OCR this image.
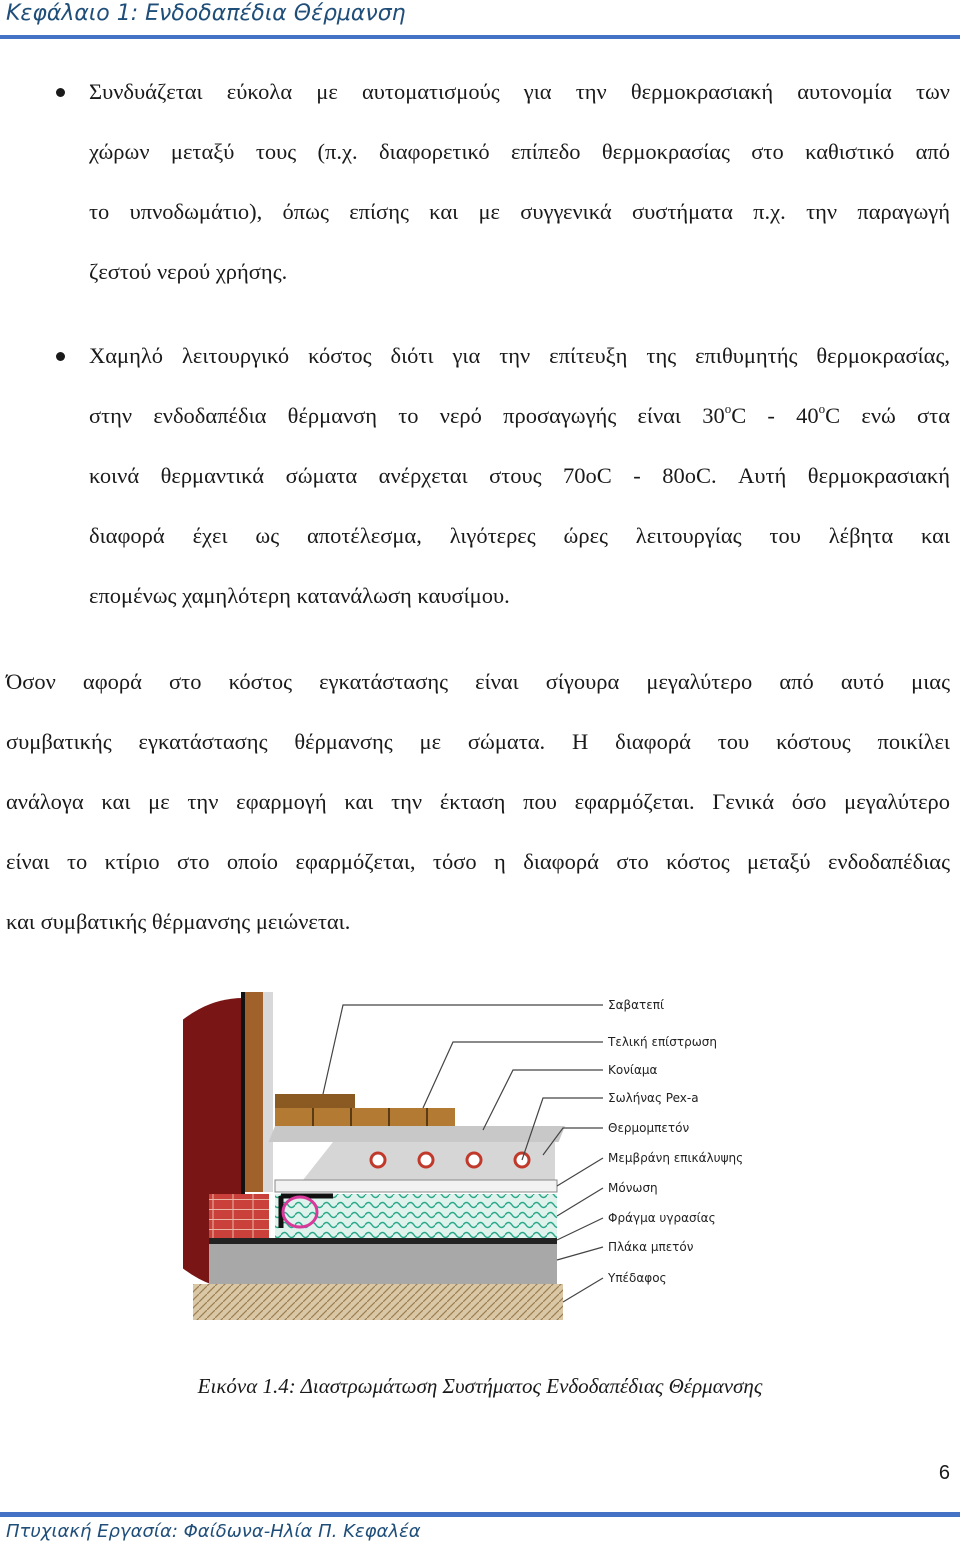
Κεφάλαιο 1: Ενδοδαπέδια Θέρμανση
Συνδυάζεται εύκολα με αυτοματισμούς για την θερμοκρασιακή αυτονομία των
χώρων μεταξύ τους (π.χ. διαφορετικό επίπεδο θερμοκρασίας στο καθιστικό από
το υπνοδωμάτιο), όπως επίσης και με συγγενικά συστήματα π.χ. την παραγωγή
ζεστού νερού χρήσης.
Χαμηλό λειτουργικό κόστος διότι για την επίτευξη της επιθυμητής θερμοκρασίας,
στην ενδοδαπέδια θέρμανση το νερό προσαγωγής είναι 30$^o$C - 40$^o$C ενώ στα
κοινά θερμαντικά σώματα ανέρχεται στους 70oC - 80oC. Αυτή θερμοκρασιακή
διαφορά έχει ως αποτέλεσμα, λιγότερες ώρες λειτουργίας του λέβητα και
επομένως χαμηλότερη κατανάλωση καυσίμου.
Όσον αφορά στο κόστος εγκατάστασης είναι σίγουρα μεγαλύτερο από αυτό μιας
συμβατικής εγκατάστασης θέρμανσης με σώματα. Η διαφορά του κόστους ποικίλει
ανάλογα και με την εφαρμογή και την έκταση που εφαρμόζεται. Γενικά όσο μεγαλύτερο
είναι το κτίριο στο οποίο εφαρμόζεται, τόσο η διαφορά στο κόστος μεταξύ ενδοδαπέδιας
και συμβατικής θέρμανσης μειώνεται.
Σαβατεπί
Τελική επίστρωση
Κονίαμα
Σωλήνας Pex-a
Θερμομπετόν
Μεμβράνη επικάλυψης
Μόνωση
Φράγμα υγρασίας
Πλάκα μπετόν
Υπέδαφος
Εικόνα 1.4: Διαστρωμάτωση Συστήματος Ενδοδαπέδιας Θέρμανσης
6
Πτυχιακή Εργασία: Φαίδωνα-Ηλία Π. Κεφαλέα
